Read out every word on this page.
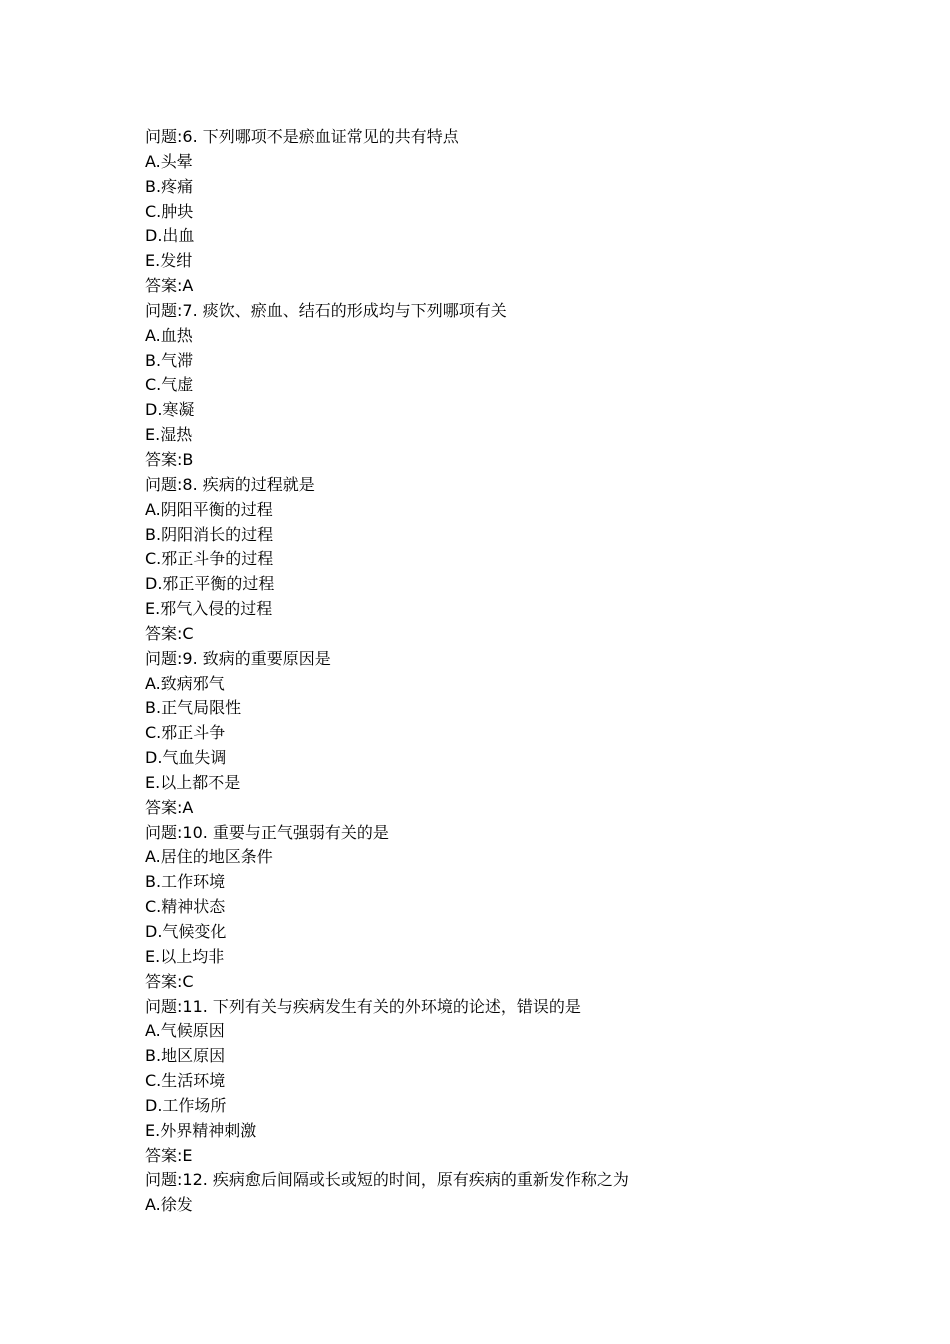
问题:6. 下列哪项不是瘀血证常见的共有特点
A.头晕
B.疼痛
C.肿块
D.出血
E.发绀
答案:A
问题:7. 痰饮、瘀血、结石的形成均与下列哪项有关
A.血热
B.气滞
C.气虚
D.寒凝
E.湿热
答案:B
问题:8. 疾病的过程就是
A.阴阳平衡的过程
B.阴阳消长的过程
C.邪正斗争的过程
D.邪正平衡的过程
E.邪气入侵的过程
答案:C
问题:9. 致病的重要原因是
A.致病邪气
B.正气局限性
C.邪正斗争
D.气血失调
E.以上都不是
答案:A
问题:10. 重要与正气强弱有关的是
A.居住的地区条件
B.工作环境
C.精神状态
D.气候变化
E.以上均非
答案:C
问题:11. 下列有关与疾病发生有关的外环境的论述，错误的是
A.气候原因
B.地区原因
C.生活环境
D.工作场所
E.外界精神刺激
答案:E
问题:12. 疾病愈后间隔或长或短的时间，原有疾病的重新发作称之为
A.徐发
